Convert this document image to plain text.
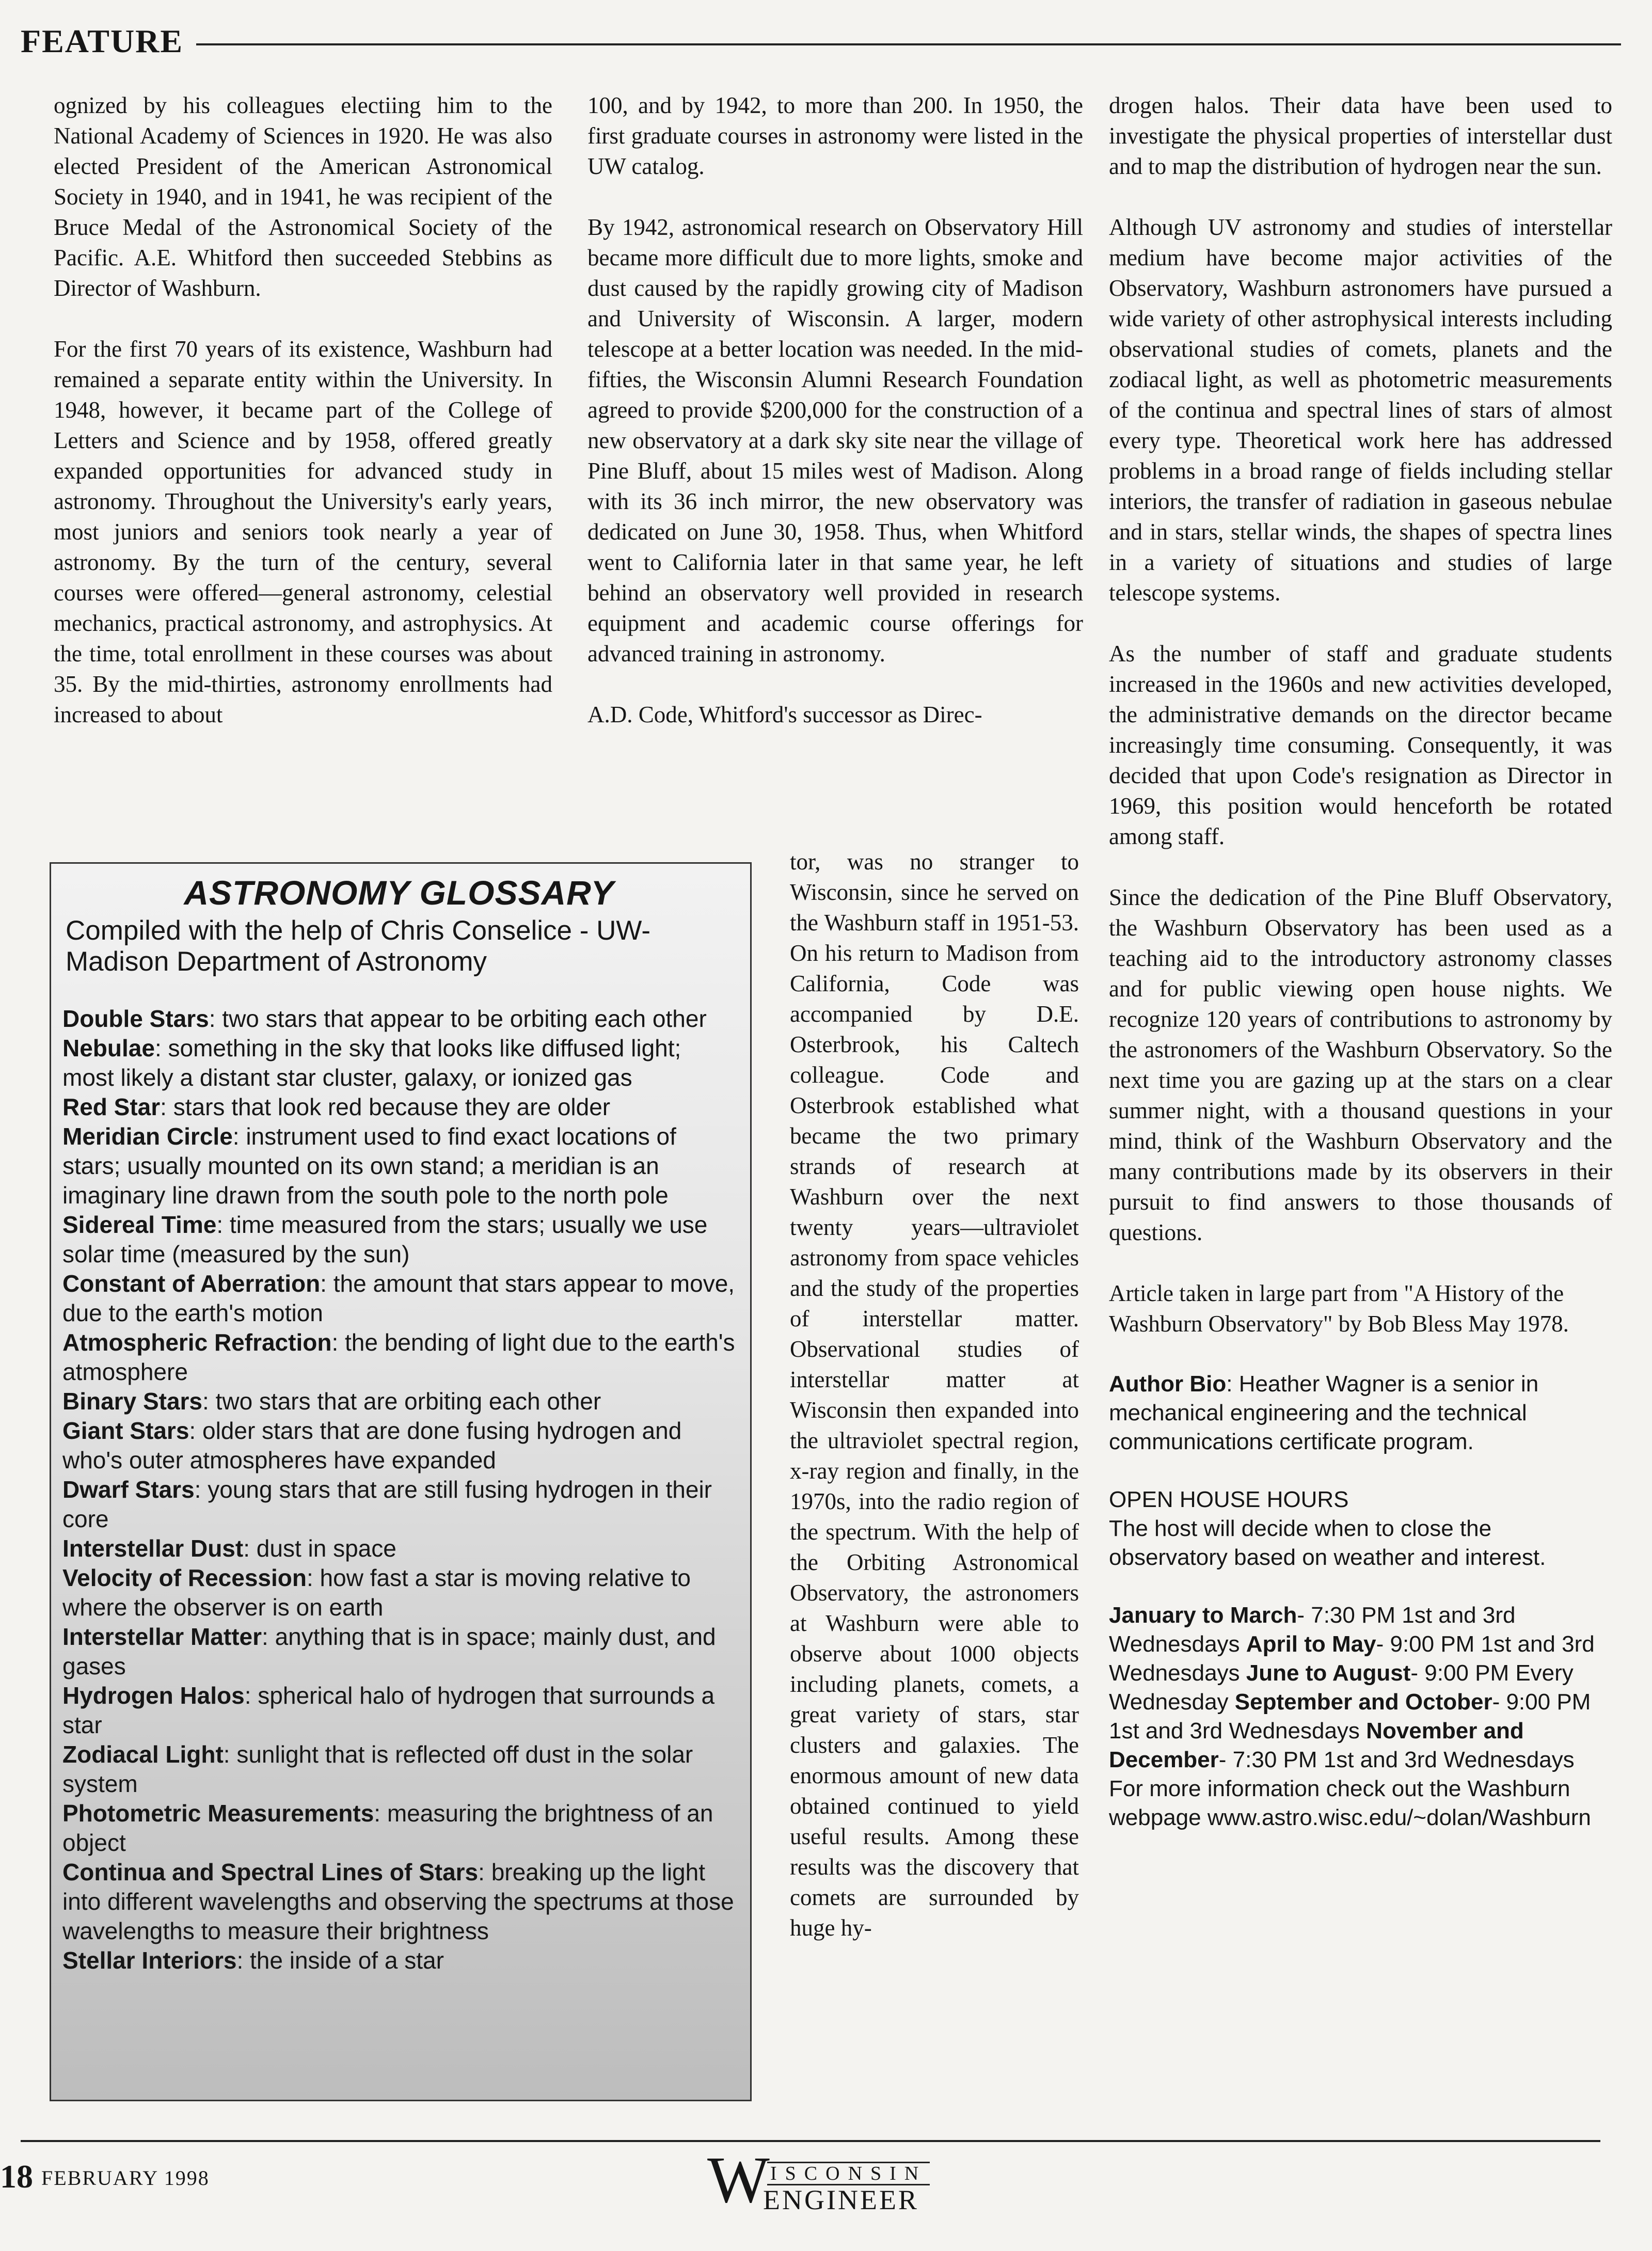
FEATURE

ognized by his colleagues electiing him to the National Academy of Sciences in 1920. He was also elected President of the American Astronomical Society in 1940, and in 1941, he was recipient of the Bruce Medal of the Astronomical Society of the Pacific. A.E. Whitford then succeeded Stebbins as Director of Washburn.

For the first 70 years of its existence, Washburn had remained a separate entity within the University. In 1948, however, it became part of the College of Letters and Science and by 1958, offered greatly expanded opportunities for advanced study in astronomy. Throughout the University's early years, most juniors and seniors took nearly a year of astronomy. By the turn of the century, several courses were offered—general astronomy, celestial mechanics, practical astronomy, and astrophysics. At the time, total enrollment in these courses was about 35. By the mid-thirties, astronomy enrollments had increased to about

100, and by 1942, to more than 200. In 1950, the first graduate courses in astronomy were listed in the UW catalog.

By 1942, astronomical research on Observatory Hill became more difficult due to more lights, smoke and dust caused by the rapidly growing city of Madison and University of Wisconsin. A larger, modern telescope at a better location was needed. In the mid-fifties, the Wisconsin Alumni Research Foundation agreed to provide $200,000 for the construction of a new observatory at a dark sky site near the village of Pine Bluff, about 15 miles west of Madison. Along with its 36 inch mirror, the new observatory was dedicated on June 30, 1958. Thus, when Whitford went to California later in that same year, he left behind an observatory well provided in research equipment and academic course offerings for advanced training in astronomy.

A.D. Code, Whitford's successor as Direc-

tor, was no stranger to Wisconsin, since he served on the Washburn staff in 1951-53. On his return to Madison from California, Code was accompanied by D.E. Osterbrook, his Caltech colleague. Code and Osterbrook established what became the two primary strands of research at Washburn over the next twenty years—ultraviolet astronomy from space vehicles and the study of the properties of interstellar matter. Observational studies of interstellar matter at Wisconsin then expanded into the ultraviolet spectral region, x-ray region and finally, in the 1970s, into the radio region of the spectrum. With the help of the Orbiting Astronomical Observatory, the astronomers at Washburn were able to observe about 1000 objects including planets, comets, a great variety of stars, star clusters and galaxies. The enormous amount of new data obtained continued to yield useful results. Among these results was the discovery that comets are surrounded by huge hy-

drogen halos. Their data have been used to investigate the physical properties of interstellar dust and to map the distribution of hydrogen near the sun.

Although UV astronomy and studies of interstellar medium have become major activities of the Observatory, Washburn astronomers have pursued a wide variety of other astrophysical interests including observational studies of comets, planets and the zodiacal light, as well as photometric measurements of the continua and spectral lines of stars of almost every type. Theoretical work here has addressed problems in a broad range of fields including stellar interiors, the transfer of radiation in gaseous nebulae and in stars, stellar winds, the shapes of spectra lines in a variety of situations and studies of large telescope systems.

As the number of staff and graduate students increased in the 1960s and new activities developed, the administrative demands on the director became increasingly time consuming. Consequently, it was decided that upon Code's resignation as Director in 1969, this position would henceforth be rotated among staff.

Since the dedication of the Pine Bluff Observatory, the Washburn Observatory has been used as a teaching aid to the introductory astronomy classes and for public viewing open house nights. We recognize 120 years of contributions to astronomy by the astronomers of the Washburn Observatory. So the next time you are gazing up at the stars on a clear summer night, with a thousand questions in your mind, think of the Washburn Observatory and the many contributions made by its observers in their pursuit to find answers to those thousands of questions.

Article taken in large part from "A History of the Washburn Observatory" by Bob Bless May 1978.

Author Bio: Heather Wagner is a senior in mechanical engineering and the technical communications certificate program.

OPEN HOUSE HOURS

The host will decide when to close the observatory based on weather and interest.

January to March- 7:30 PM 1st and 3rd Wednesdays April to May- 9:00 PM 1st and 3rd Wednesdays June to August- 9:00 PM Every Wednesday September and October- 9:00 PM 1st and 3rd Wednesdays November and December- 7:30 PM 1st and 3rd Wednesdays For more information check out the Washburn webpage www.astro.wisc.edu/~dolan/Washburn

ASTRONOMY GLOSSARY
Compiled with the help of Chris Conselice - UW-Madison Department of Astronomy
Double Stars: two stars that appear to be orbiting each other
Nebulae: something in the sky that looks like diffused light; most likely a distant star cluster, galaxy, or ionized gas
Red Star: stars that look red because they are older
Meridian Circle: instrument used to find exact locations of stars; usually mounted on its own stand; a meridian is an imaginary line drawn from the south pole to the north pole
Sidereal Time: time measured from the stars; usually we use solar time (measured by the sun)
Constant of Aberration: the amount that stars appear to move, due to the earth's motion
Atmospheric Refraction: the bending of light due to the earth's atmosphere
Binary Stars: two stars that are orbiting each other
Giant Stars: older stars that are done fusing hydrogen and who's outer atmospheres have expanded
Dwarf Stars: young stars that are still fusing hydrogen in their core
Interstellar Dust: dust in space
Velocity of Recession: how fast a star is moving relative to where the observer is on earth
Interstellar Matter: anything that is in space; mainly dust, and gases
Hydrogen Halos: spherical halo of hydrogen that surrounds a star
Zodiacal Light: sunlight that is reflected off dust in the solar system
Photometric Measurements: measuring the brightness of an object
Continua and Spectral Lines of Stars: breaking up the light into different wavelengths and observing the spectrums at those wavelengths to measure their brightness
Stellar Interiors: the inside of a star
18 FEBRUARY 1998	W ISCONSIN
ENGINEER
